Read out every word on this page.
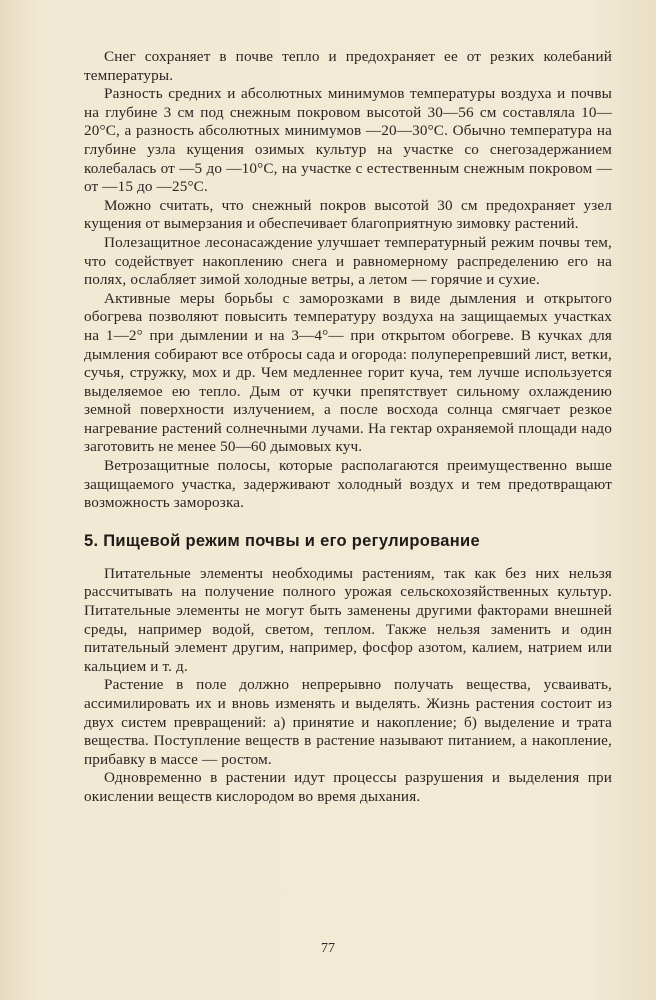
Снег сохраняет в почве тепло и предохраняет ее от резких колебаний температуры.

Разность средних и абсолютных минимумов температуры воздуха и почвы на глубине 3 см под снежным покровом высотой 30—56 см составляла 10—20°С, а разность абсолютных минимумов —20—30°С. Обычно температура на глубине узла кущения озимых культур на участке со снегозадержанием колебалась от —5 до —10°С, на участке с естественным снежным покровом — от —15 до —25°С.

Можно считать, что снежный покров высотой 30 см предохраняет узел кущения от вымерзания и обеспечивает благоприятную зимовку растений.

Полезащитное лесонасаждение улучшает температурный режим почвы тем, что содействует накоплению снега и равномерному распределению его на полях, ослабляет зимой холодные ветры, а летом — горячие и сухие.

Активные меры борьбы с заморозками в виде дымления и открытого обогрева позволяют повысить температуру воздуха на защищаемых участках на 1—2° при дымлении и на 3—4°— при открытом обогреве. В кучках для дымления собирают все отбросы сада и огорода: полуперепревший лист, ветки, сучья, стружку, мох и др. Чем медленнее горит куча, тем лучше используется выделяемое ею тепло. Дым от кучки препятствует сильному охлаждению земной поверхности излучением, а после восхода солнца смягчает резкое нагревание растений солнечными лучами. На гектар охраняемой площади надо заготовить не менее 50—60 дымовых куч.

Ветрозащитные полосы, которые располагаются преимущественно выше защищаемого участка, задерживают холодный воздух и тем предотвращают возможность заморозка.

5. Пищевой режим почвы и его регулирование

Питательные элементы необходимы растениям, так как без них нельзя рассчитывать на получение полного урожая сельскохозяйственных культур. Питательные элементы не могут быть заменены другими факторами внешней среды, например водой, светом, теплом. Также нельзя заменить и один питательный элемент другим, например, фосфор азотом, калием, натрием или кальцием и т. д.

Растение в поле должно непрерывно получать вещества, усваивать, ассимилировать их и вновь изменять и выделять. Жизнь растения состоит из двух систем превращений: а) принятие и накопление; б) выделение и трата вещества. Поступление веществ в растение называют питанием, а накопление, прибавку в массе — ростом.

Одновременно в растении идут процессы разрушения и выделения при окислении веществ кислородом во время дыхания.

77
